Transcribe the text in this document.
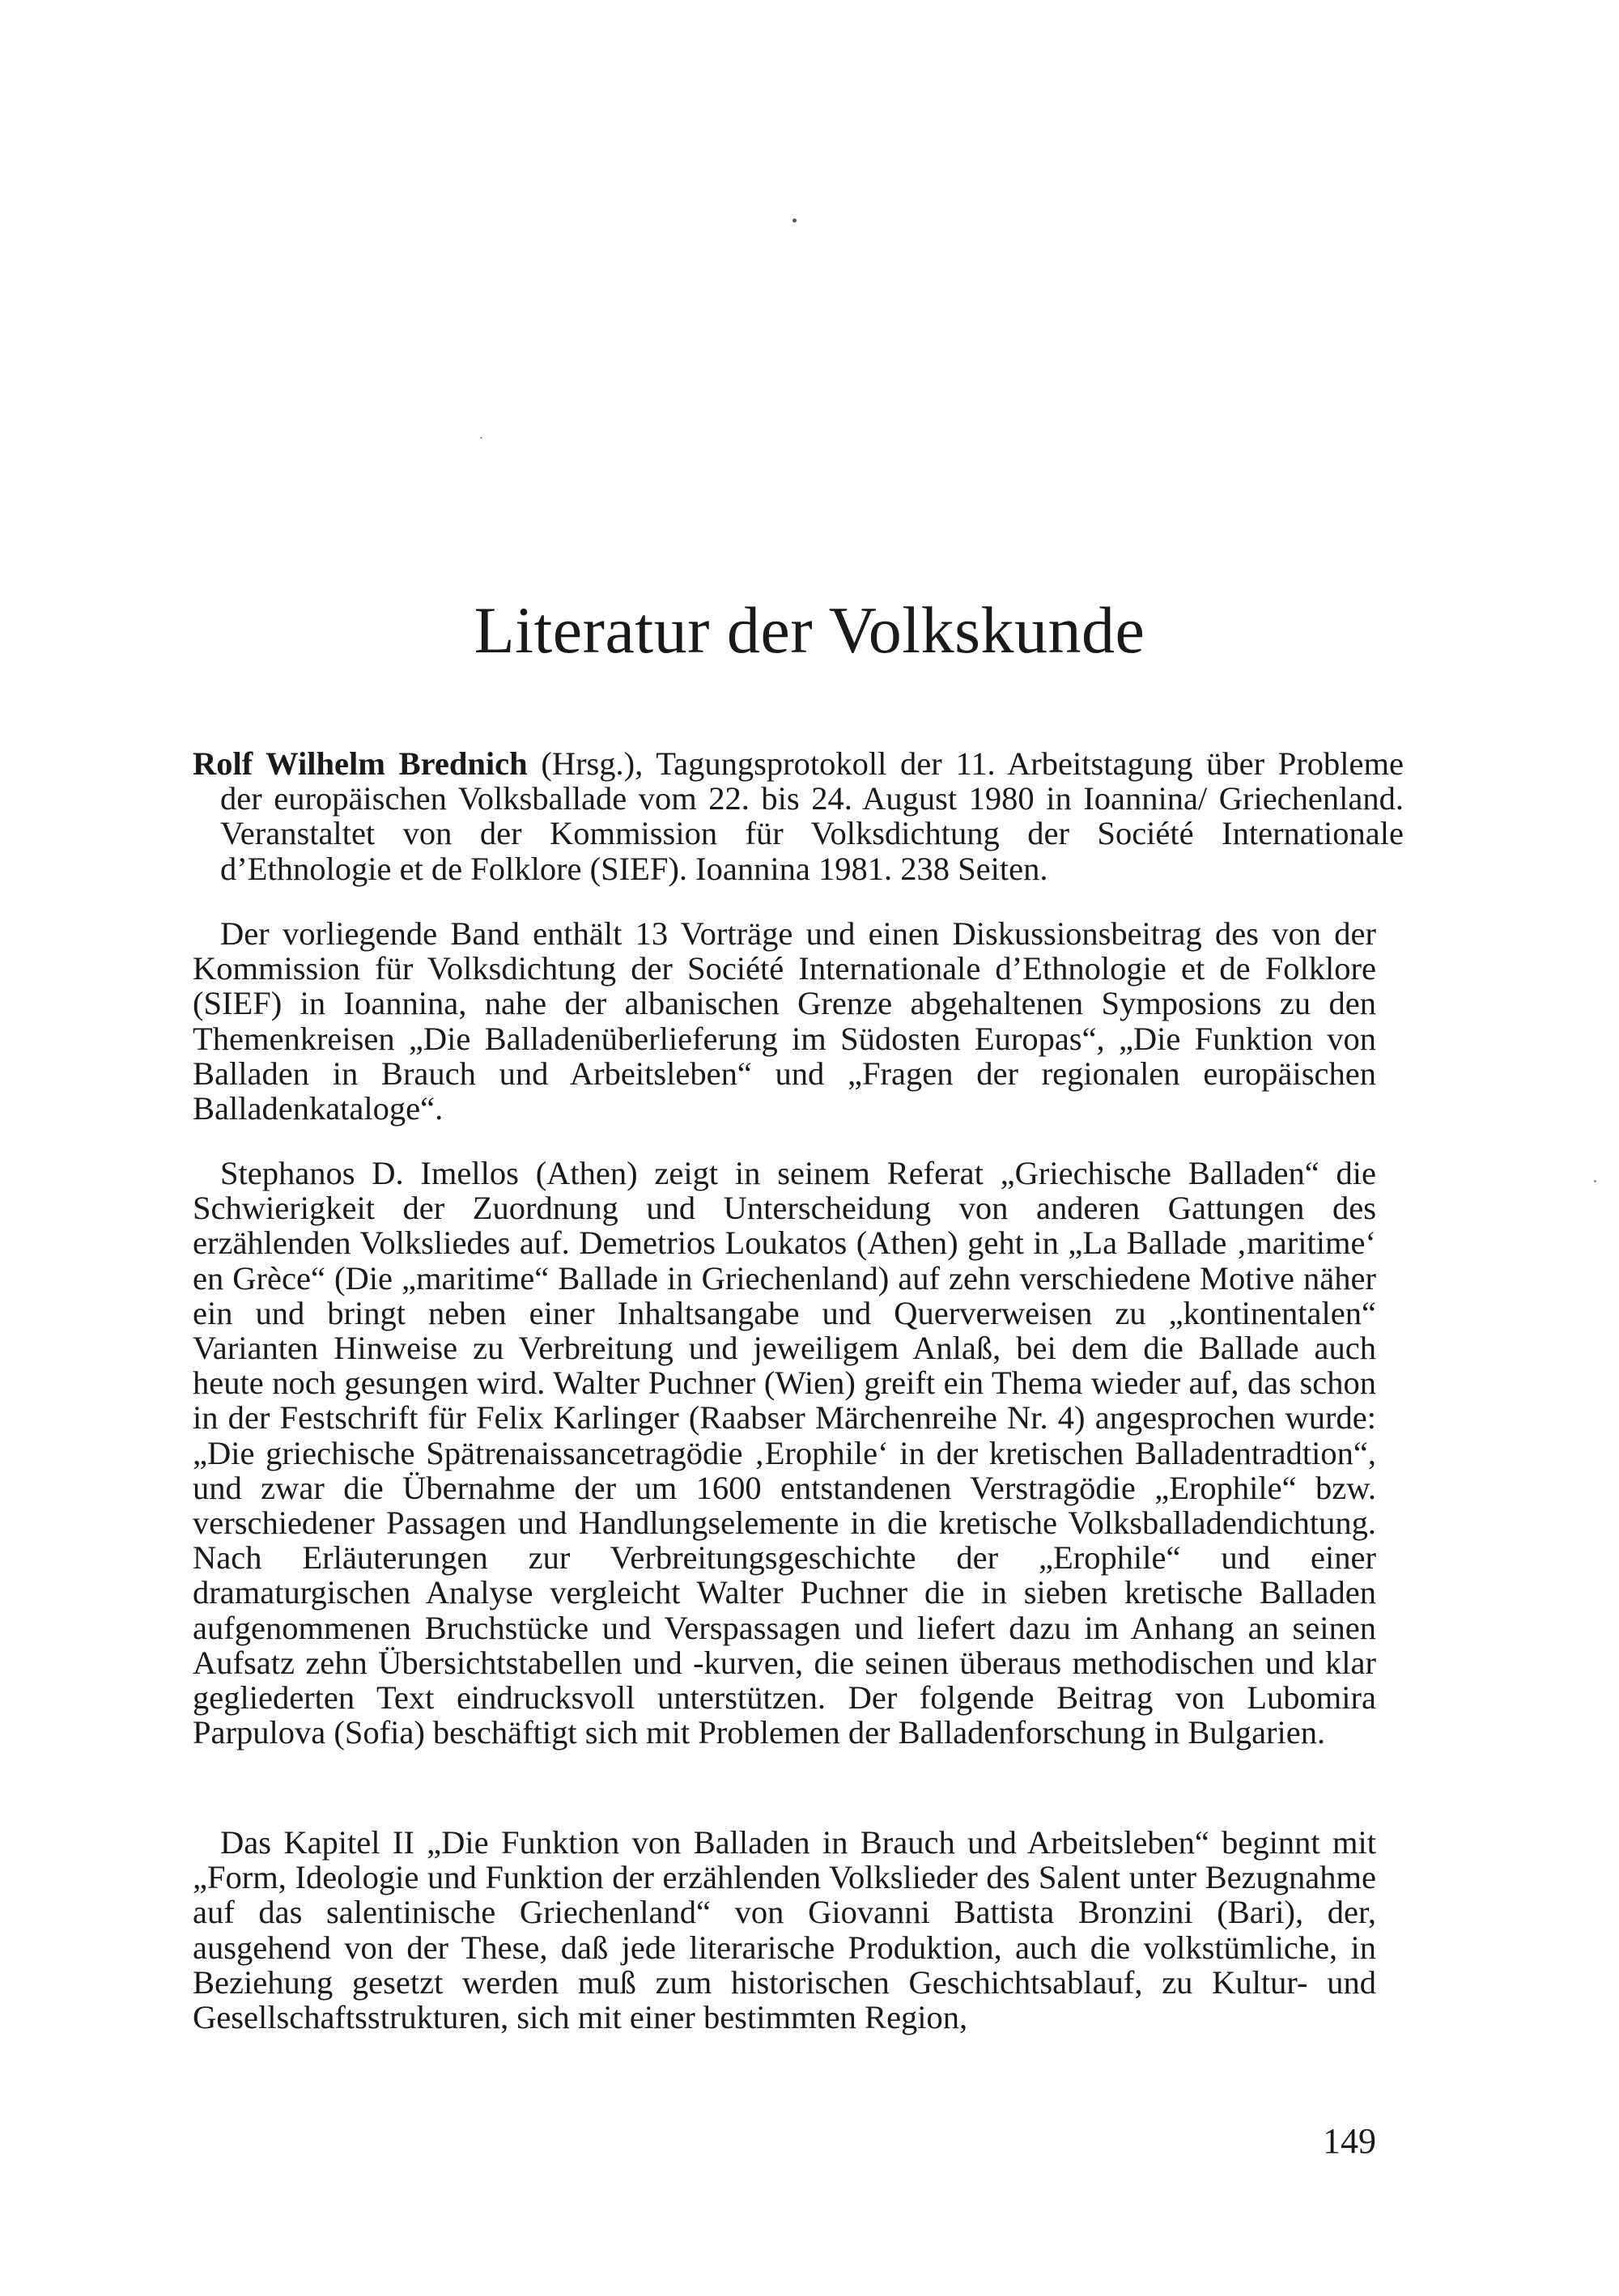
Literatur der Volkskunde

Rolf Wilhelm Brednich (Hrsg.), Tagungsprotokoll der 11. Arbeitstagung über Probleme der europäischen Volksballade vom 22. bis 24. August 1980 in Ioannina/ Griechenland. Veranstaltet von der Kommission für Volksdichtung der Société Internationale d’Ethnologie et de Folklore (SIEF). Ioannina 1981. 238 Seiten.

Der vorliegende Band enthält 13 Vorträge und einen Diskussionsbeitrag des von der Kommission für Volksdichtung der Société Internationale d’Ethnologie et de Folklore (SIEF) in Ioannina, nahe der albanischen Grenze abgehaltenen Symposions zu den Themenkreisen „Die Balladenüberlieferung im Südosten Europas“, „Die Funktion von Balladen in Brauch und Arbeitsleben“ und „Fragen der regionalen europäischen Balladenkataloge“.

Stephanos D. Imellos (Athen) zeigt in seinem Referat „Griechische Balladen“ die Schwierigkeit der Zuordnung und Unterscheidung von anderen Gattungen des erzählenden Volksliedes auf. Demetrios Loukatos (Athen) geht in „La Ballade ‚maritime‘ en Grèce“ (Die „maritime“ Ballade in Griechenland) auf zehn verschiedene Motive näher ein und bringt neben einer Inhaltsangabe und Querverweisen zu „kontinentalen“ Varianten Hinweise zu Verbreitung und jeweiligem Anlaß, bei dem die Ballade auch heute noch gesungen wird. Walter Puchner (Wien) greift ein Thema wieder auf, das schon in der Festschrift für Felix Karlinger (Raabser Märchenreihe Nr. 4) angesprochen wurde: „Die griechische Spätrenaissancetragödie ‚Erophile‘ in der kretischen Balladentradtion“, und zwar die Übernahme der um 1600 entstandenen Verstragödie „Erophile“ bzw. verschiedener Passagen und Handlungselemente in die kretische Volksballadendichtung. Nach Erläuterungen zur Verbreitungsgeschichte der „Erophile“ und einer dramaturgischen Analyse vergleicht Walter Puchner die in sieben kretische Balladen aufgenommenen Bruchstücke und Verspassagen und liefert dazu im Anhang an seinen Aufsatz zehn Übersichtstabellen und -kurven, die seinen überaus methodischen und klar gegliederten Text eindrucksvoll unterstützen. Der folgende Beitrag von Lubomira Parpulova (Sofia) beschäftigt sich mit Problemen der Balladenforschung in Bulgarien.

Das Kapitel II „Die Funktion von Balladen in Brauch und Arbeitsleben“ beginnt mit „Form, Ideologie und Funktion der erzählenden Volkslieder des Salent unter Bezugnahme auf das salentinische Griechenland“ von Giovanni Battista Bronzini (Bari), der, ausgehend von der These, daß jede literarische Produktion, auch die volkstümliche, in Beziehung gesetzt werden muß zum historischen Geschichtsablauf, zu Kultur- und Gesellschaftsstrukturen, sich mit einer bestimmten Region,

149
